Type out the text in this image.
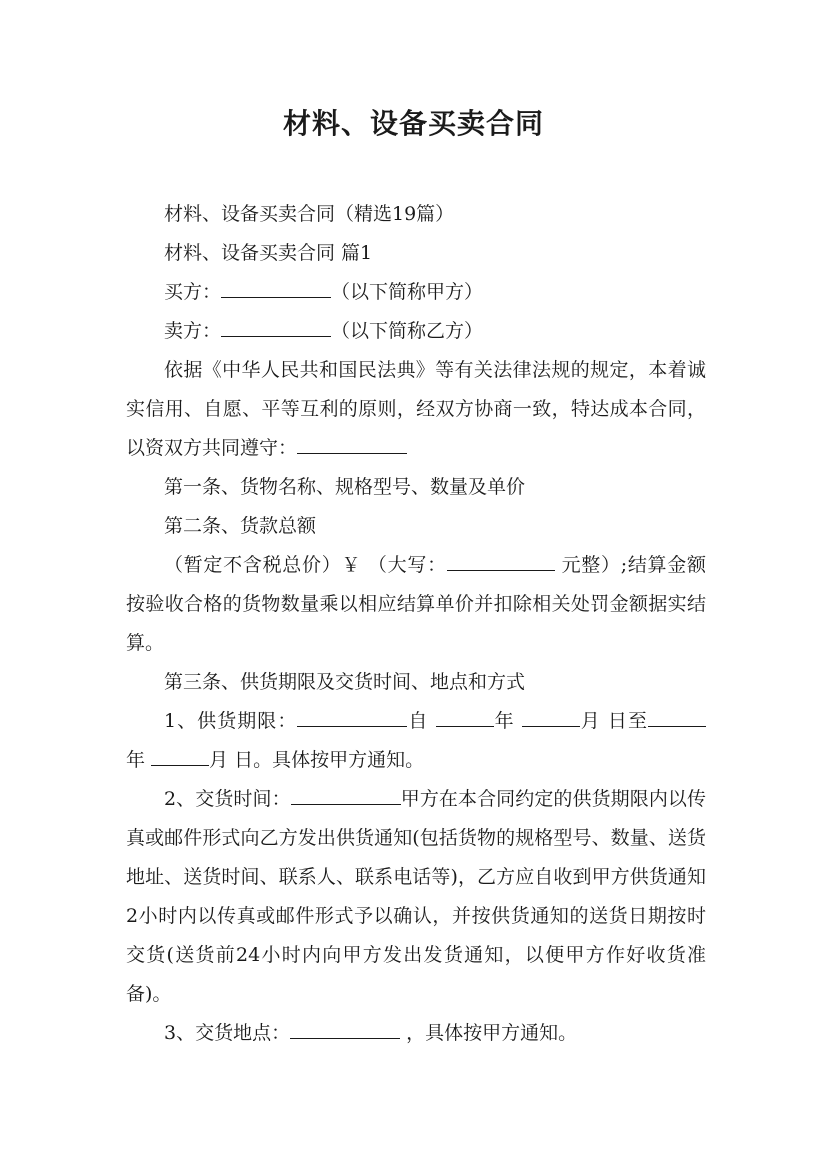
材料、设备买卖合同

材料、设备买卖合同（精选19篇）

材料、设备买卖合同 篇1

买方：	（以下简称甲方）

卖方：	（以下简称乙方）

依据《中华人民共和国民法典》等有关法律法规的规定，本着诚实信用、自愿、平等互利的原则，经双方协商一致，特达成本合同，以资双方共同遵守：

第一条、货物名称、规格型号、数量及单价

第二条、货款总额

（暂定不含税总价）￥ （大写：	元整）;结算金额按验收合格的货物数量乘以相应结算单价并扣除相关处罚金额据实结算。

第三条、供货期限及交货时间、地点和方式

1、供货期限：	自	年	月 日至年	月 日。具体按甲方通知。

2、交货时间：	甲方在本合同约定的供货期限内以传真或邮件形式向乙方发出供货通知(包括货物的规格型号、数量、送货地址、送货时间、联系人、联系电话等)，乙方应自收到甲方供货通知2小时内以传真或邮件形式予以确认，并按供货通知的送货日期按时交货(送货前24小时内向甲方发出发货通知，以便甲方作好收货准备)。

3、交货地点：	，具体按甲方通知。
